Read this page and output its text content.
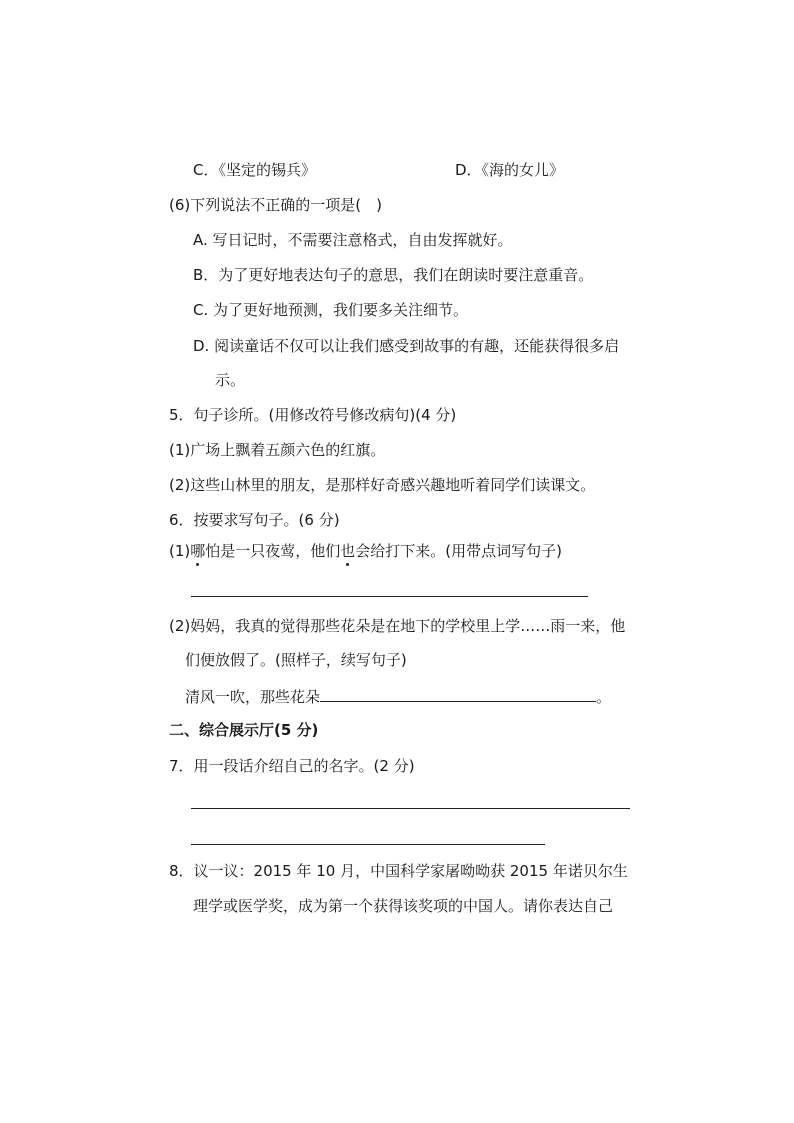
C．《坚定的锡兵》	D．《海的女儿》
(6)下列说法不正确的一项是(　)
A. 写日记时，不需要注意格式，自由发挥就好。
B．为了更好地表达句子的意思，我们在朗读时要注意重音。
C. 为了更好地预测，我们要多关注细节。
D. 阅读童话不仅可以让我们感受到故事的有趣，还能获得很多启
示。
5．句子诊所。(用修改符号修改病句)(4 分)
(1)广场上飘着五颜六色的红旗。
(2)这些山林里的朋友，是那样好奇感兴趣地听着同学们读课文。
6．按要求写句子。(6 分)
(1)哪怕是一只夜莺，他们也会给打下来。(用带点词写句子)
(2)妈妈，我真的觉得那些花朵是在地下的学校里上学……雨一来，他
们便放假了。(照样子，续写句子)
清风一吹，那些花朵	。
二、综合展示厅(5 分)
7．用一段话介绍自己的名字。(2 分)
8．议一议：2015 年 10 月，中国科学家屠呦呦获 2015 年诺贝尔生
理学或医学奖，成为第一个获得该奖项的中国人。请你表达自己
